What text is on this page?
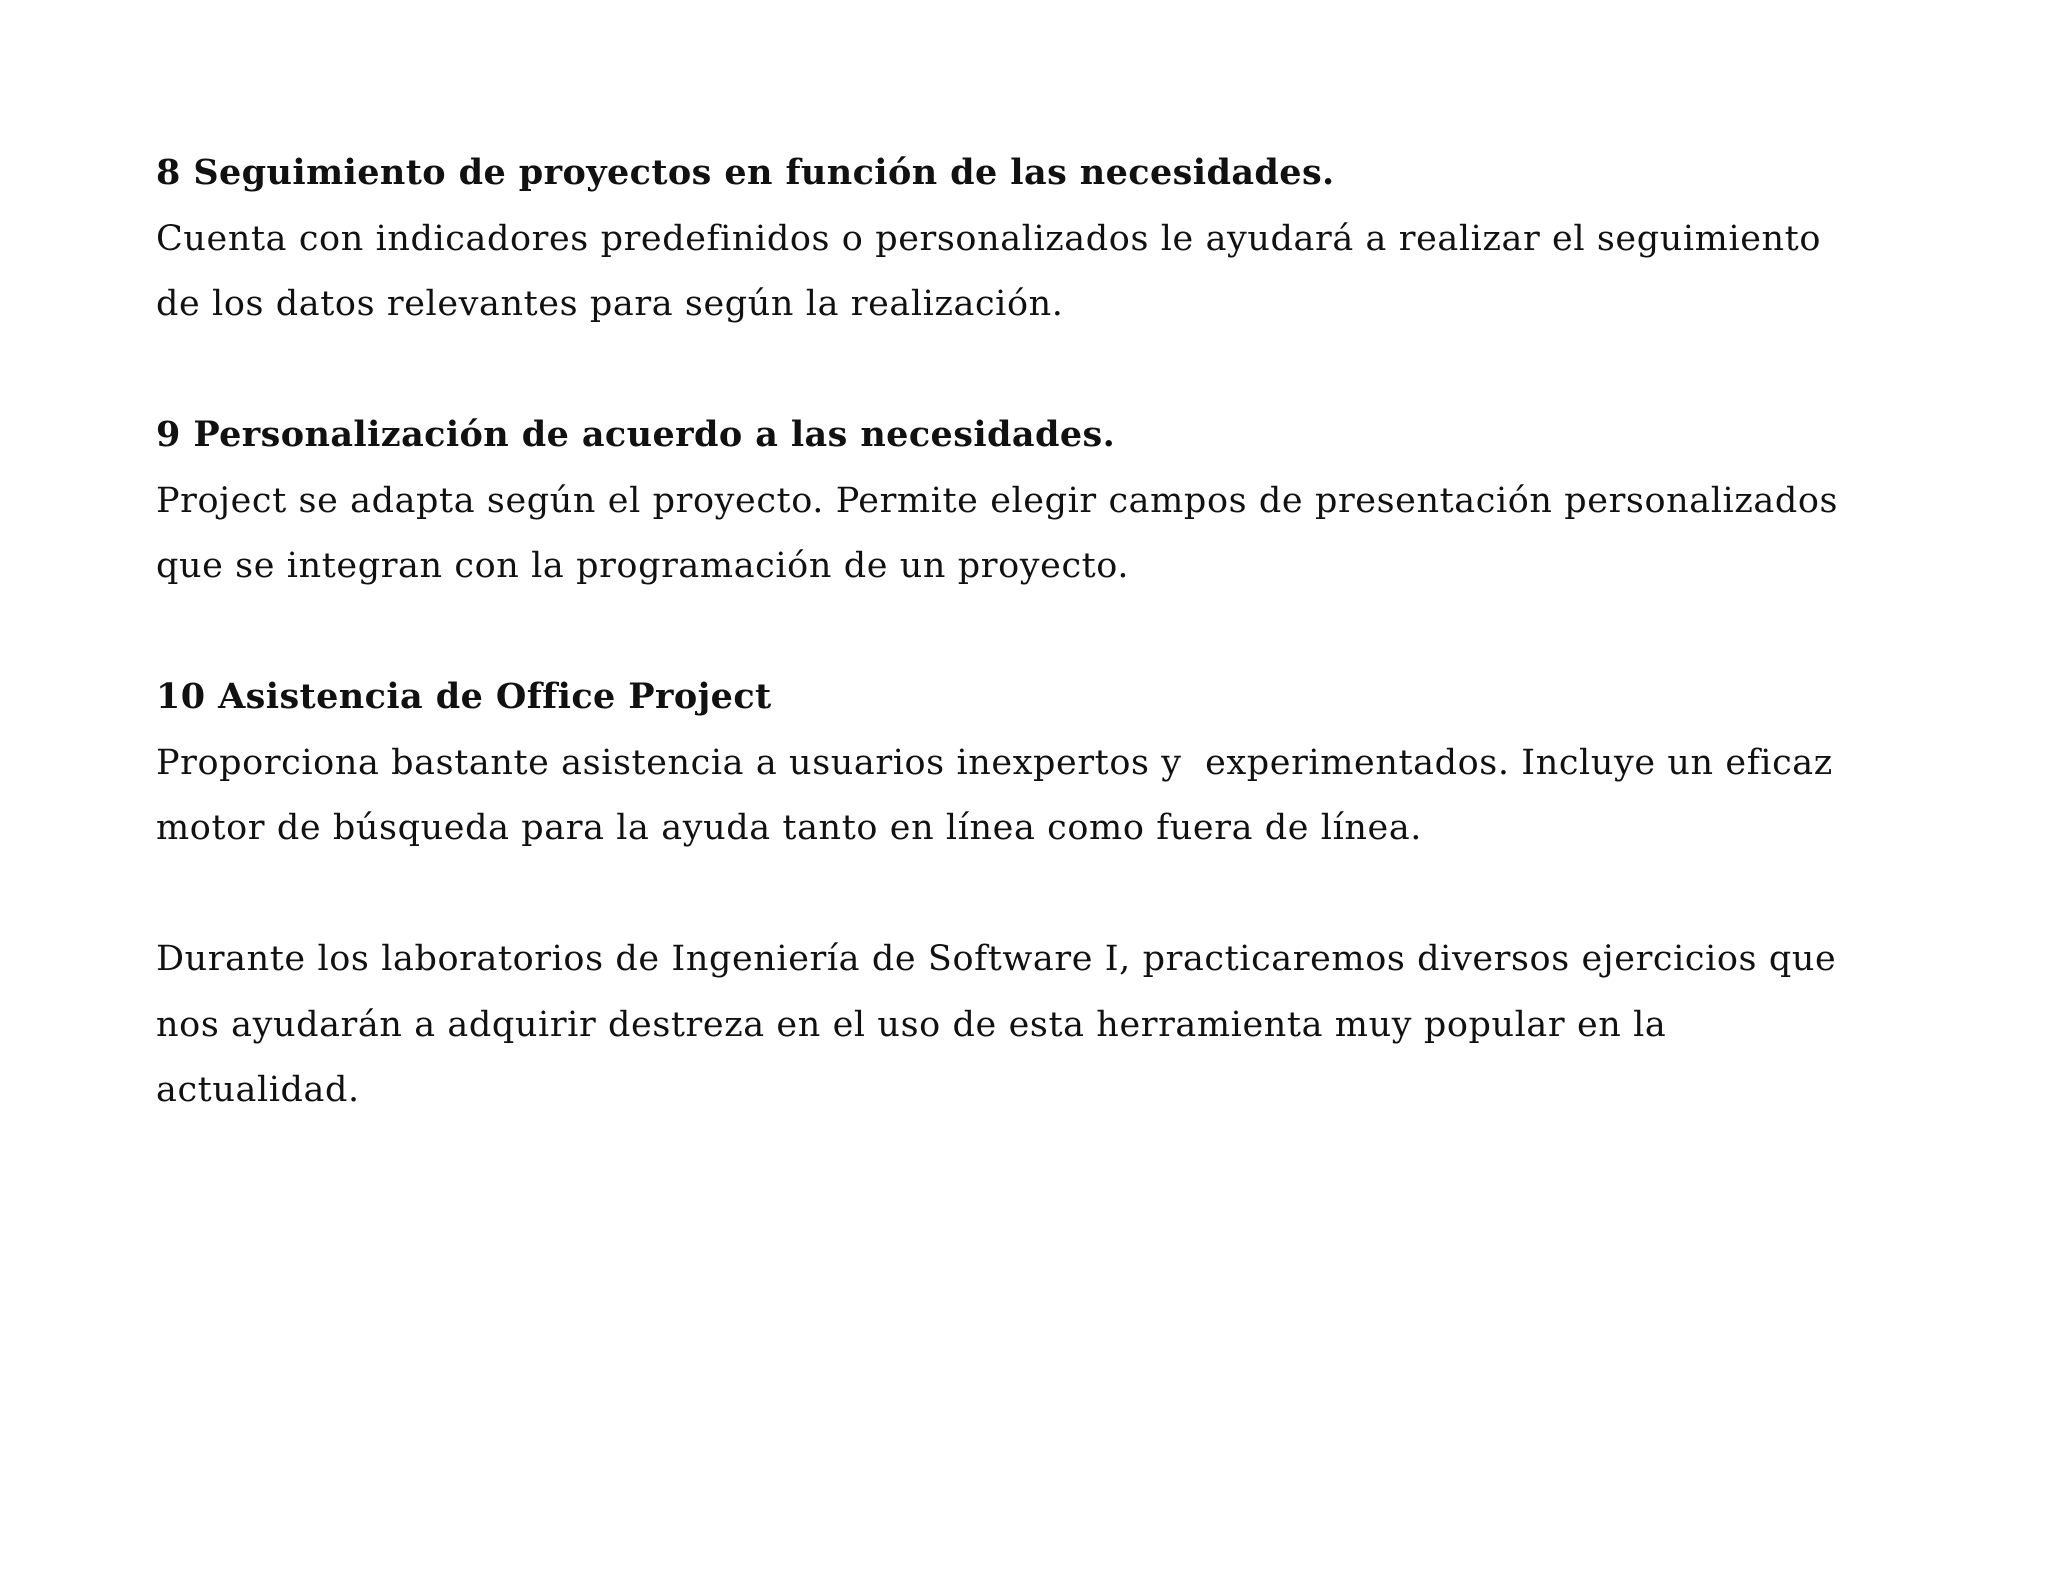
8 Seguimiento de proyectos en función de las necesidades.
Cuenta con indicadores predefinidos o personalizados le ayudará a realizar el seguimiento
de los datos relevantes para según la realización.
9 Personalización de acuerdo a las necesidades.
Project se adapta según el proyecto. Permite elegir campos de presentación personalizados
que se integran con la programación de un proyecto.
10 Asistencia de Office Project
Proporciona bastante asistencia a usuarios inexpertos y  experimentados. Incluye un eficaz
motor de búsqueda para la ayuda tanto en línea como fuera de línea.
Durante los laboratorios de Ingeniería de Software I, practicaremos diversos ejercicios que
nos ayudarán a adquirir destreza en el uso de esta herramienta muy popular en la
actualidad.
